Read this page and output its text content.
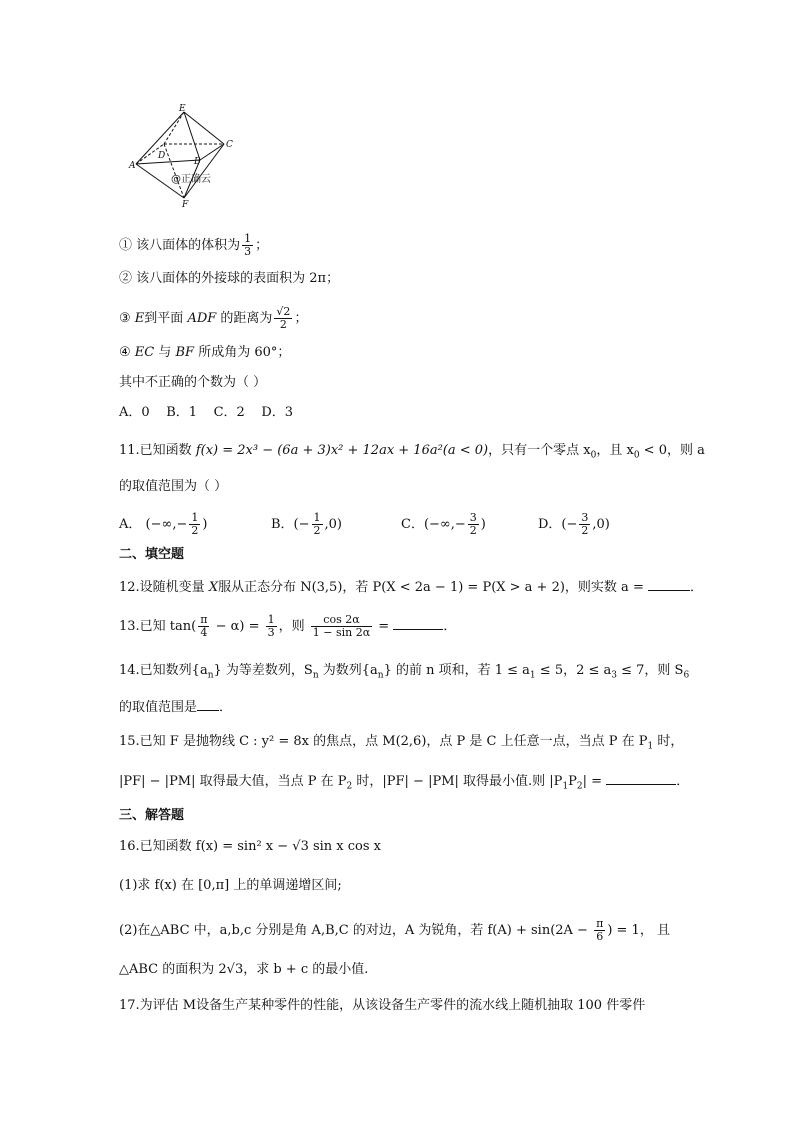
E
C
A
D
B
F
@正确云
① 该八面体的体积为 $\frac{1}{3}$ ；
② 该八面体的外接球的表面积为 2π；
③ E到平面 ADF 的距离为 $\frac{√2}{2}$ ；
④ EC 与 BF 所成角为 60°；
其中不正确的个数为（ ）
A．0 B．1 C．2 D．3
11.已知函数 f(x) = 2x³ − (6a + 3)x² + 12ax + 16a²(a < 0)，只有一个零点 $x_0$，且 $x_0 < 0$，则 a
的取值范围为（ ）
A． (−∞,− $\frac{1}{2}$ )	B．(− $\frac{1}{2} ,0$)	C．(−∞,− $\frac{3}{2}$ )	D．(− $\frac{3}{2} ,0$)
二、填空题
12.设随机变量 X服从正态分布 N(3,5)，若 P(X < 2a − 1) = P(X > a + 2)，则实数 a =	．
13.已知 $\tan( \frac{\pi}{4} - \alpha) = \frac{1}{3}$ ，则 $\frac{\cos 2\alpha}{1 - \sin 2\alpha}$ =	．
14.已知数列$\{a_n\}$ 为等差数列，$S_n$ 为数列$\{a_n\}$ 的前 n 项和，若 $1 \le a_1 \le 5$，$2 \le a_3 \le 7$，则 $S_6$
的取值范围是 ．
15.已知 F 是抛物线 C : y² = 8x 的焦点，点 M(2,6)，点 P 是 C 上任意一点，当点 P 在 $P_1$ 时，
|PF| − |PM| 取得最大值，当点 P 在 $P_2$ 时，|PF| − |PM| 取得最小值.则 $|P_1P_2|$ =	．
三、解答题
16.已知函数 f(x) = sin² x − √3 sin x cos x
(1)求 f(x) 在 [0,π] 上的单调递增区间;
(2)在△ABC 中，a,b,c 分别是角 A,B,C 的对边，A 为锐角，若 $f(A) + \sin(2A - \frac{\pi}{6}$ ) = 1， 且
△ABC 的面积为 2√3，求 b + c 的最小值.
17.为评估 M设备生产某种零件的性能，从该设备生产零件的流水线上随机抽取 100 件零件
